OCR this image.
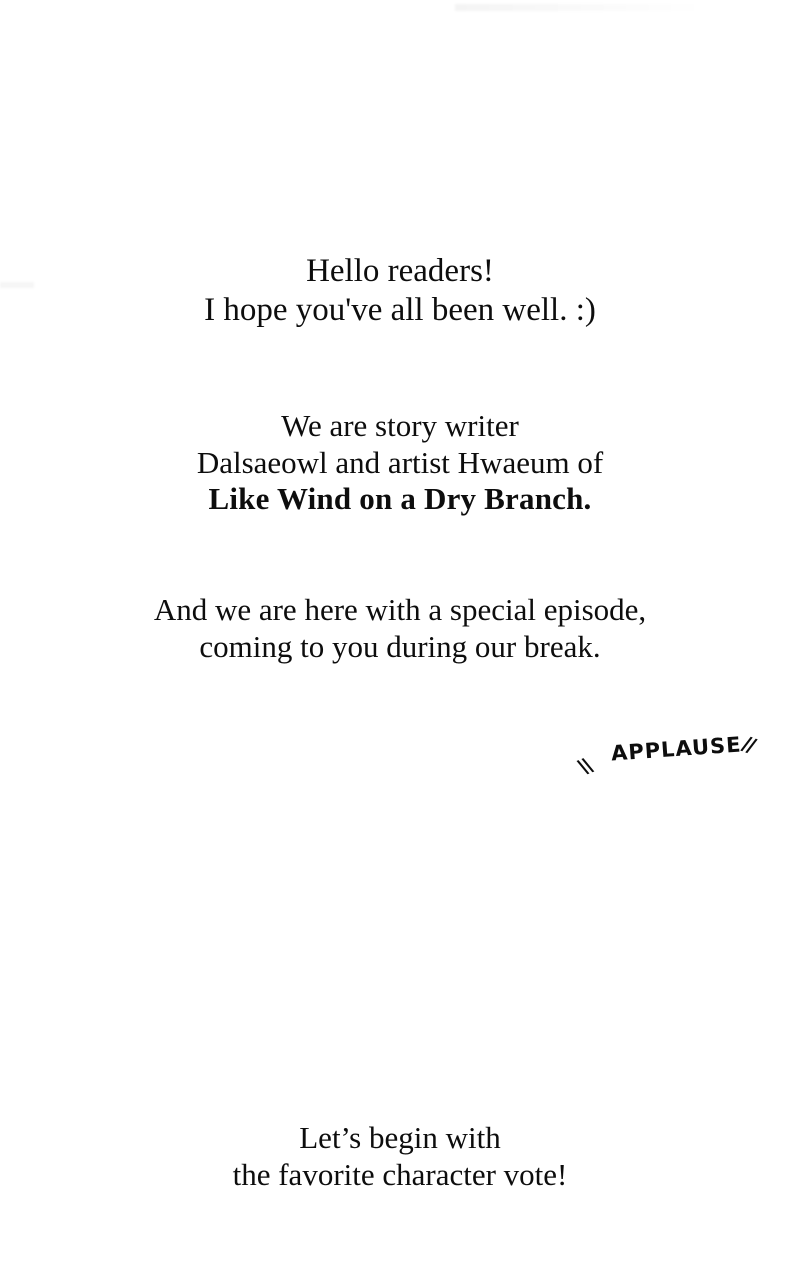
Hello readers!
I hope you've all been well. :)
We are story writer
Dalsaeowl and artist Hwaeum of
Like Wind on a Dry Branch.
And we are here with a special episode,
coming to you during our break.
\\
APPLAUSE
//
Let’s begin with
the favorite character vote!
